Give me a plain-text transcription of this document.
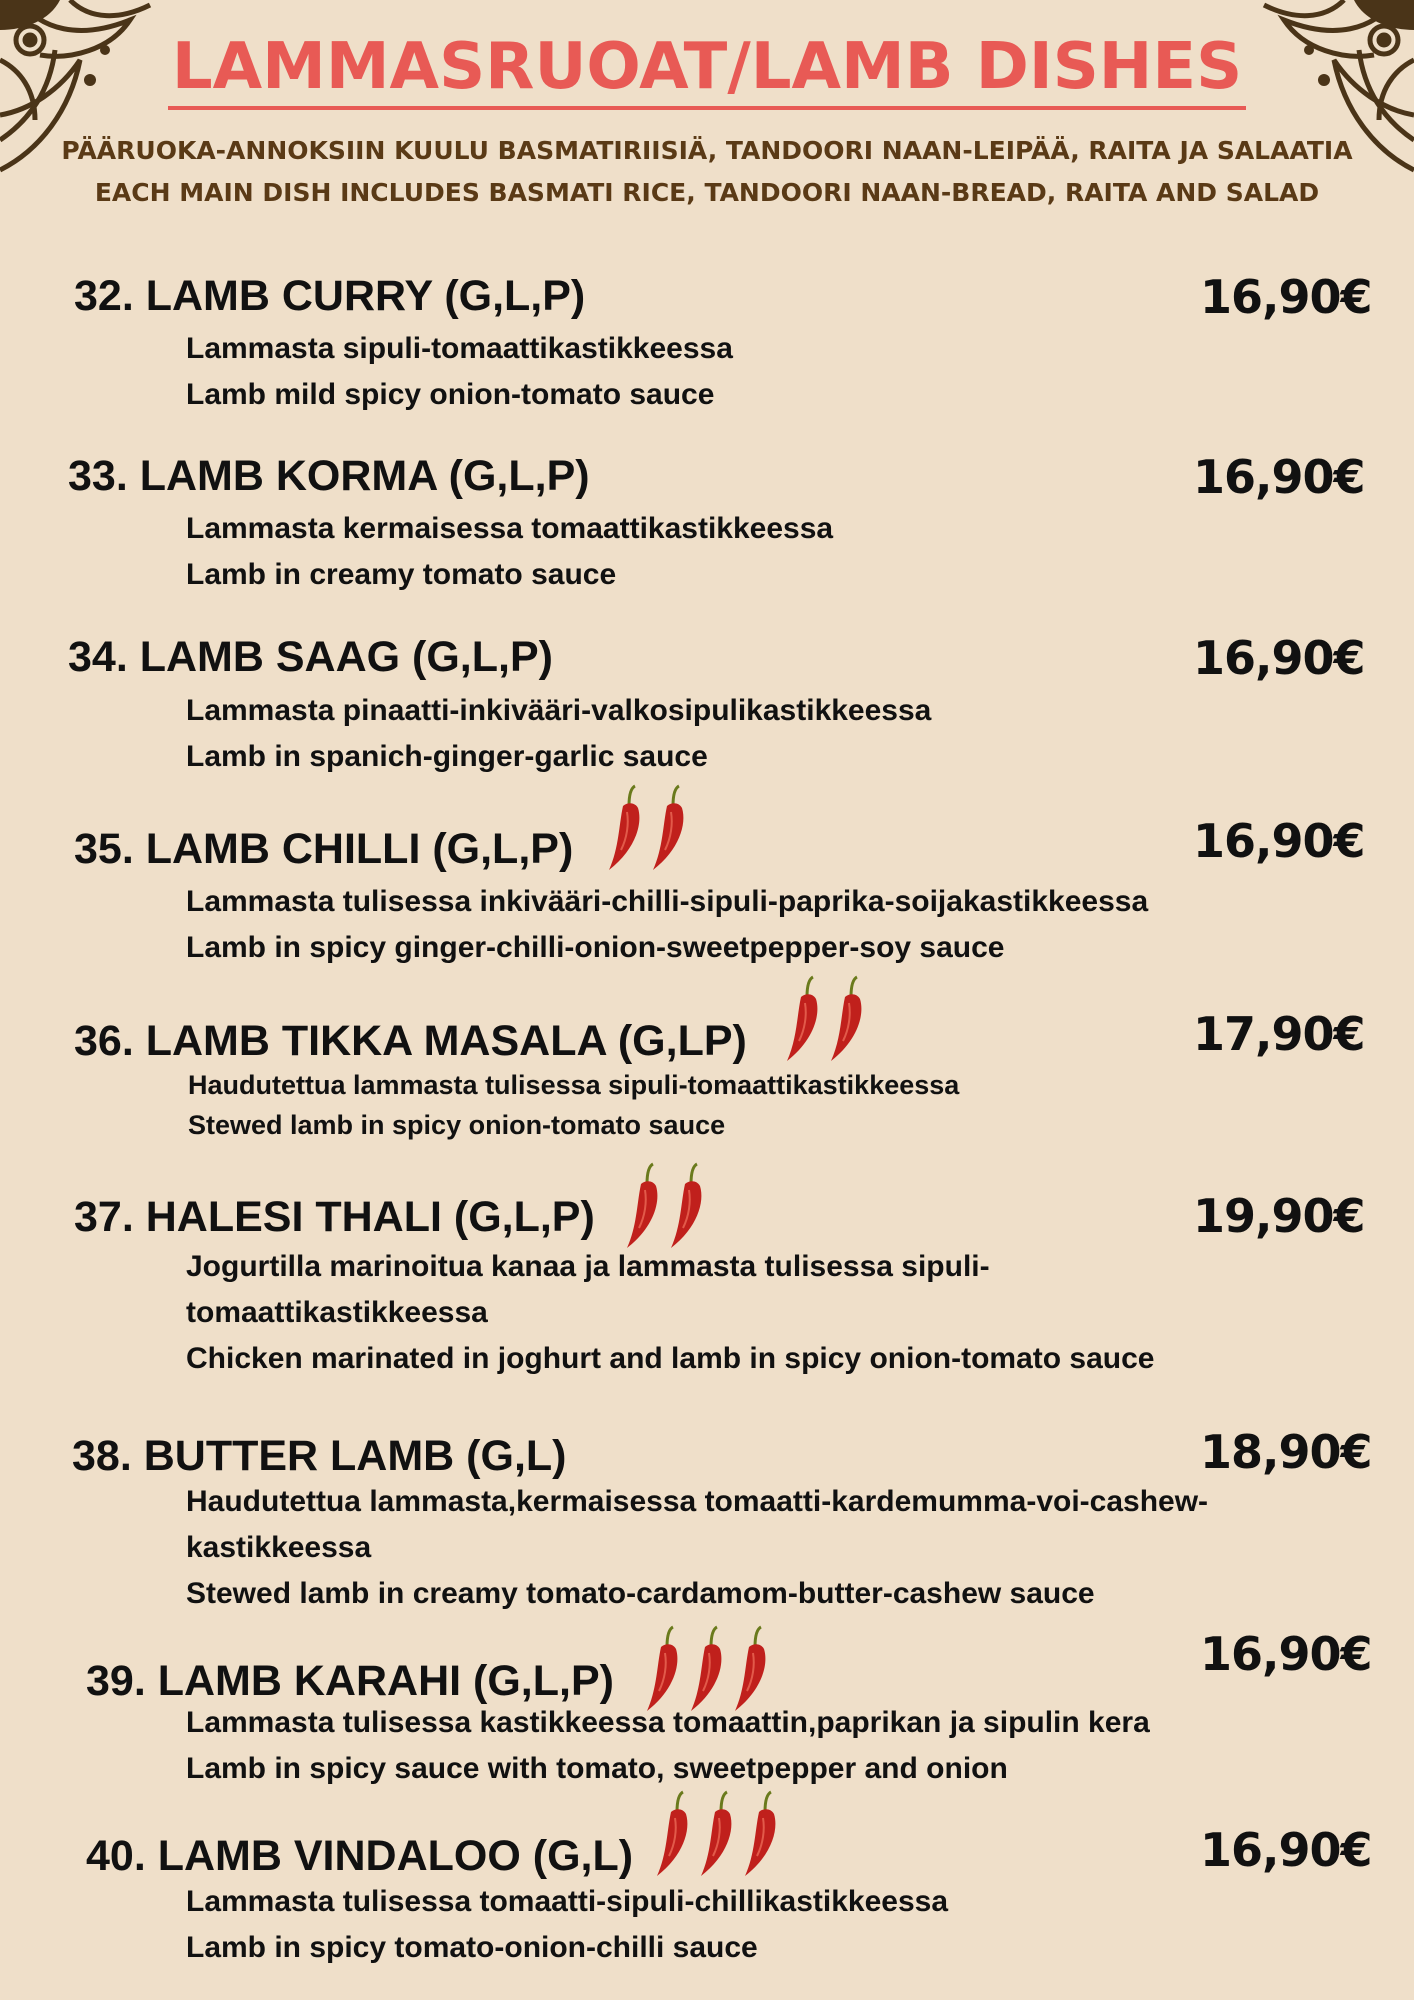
LAMMASRUOAT/LAMB DISHES
PÄÄRUOKA-ANNOKSIIN KUULU BASMATIRIISIÄ, TANDOORI NAAN-LEIPÄÄ, RAITA JA SALAATIA
EACH MAIN DISH INCLUDES BASMATI RICE, TANDOORI NAAN-BREAD, RAITA AND SALAD
32. LAMB CURRY (G,L,P)	16,90€

Lammasta sipuli-tomaattikastikkeessa

Lamb mild spicy onion-tomato sauce

33. LAMB KORMA (G,L,P)	16,90€

Lammasta kermaisessa tomaattikastikkeessa

Lamb in creamy tomato sauce

34. LAMB SAAG (G,L,P)	16,90€

Lammasta pinaatti-inkivääri-valkosipulikastikkeessa

Lamb in spanich-ginger-garlic sauce

35. LAMB CHILLI (G,L,P)	16,90€

Lammasta tulisessa inkivääri-chilli-sipuli-paprika-soijakastikkeessa

Lamb in spicy ginger-chilli-onion-sweetpepper-soy sauce

36. LAMB TIKKA MASALA (G,LP)	17,90€

Haudutettua lammasta tulisessa sipuli-tomaattikastikkeessa

Stewed lamb in spicy onion-tomato sauce

37. HALESI THALI (G,L,P)	19,90€

Jogurtilla marinoitua kanaa ja lammasta tulisessa sipuli-

tomaattikastikkeessa

Chicken marinated in joghurt and lamb in spicy onion-tomato sauce

38. BUTTER LAMB (G,L)	18,90€

Haudutettua lammasta,kermaisessa tomaatti-kardemumma-voi-cashew-

kastikkeessa

Stewed lamb in creamy tomato-cardamom-butter-cashew sauce

39. LAMB KARAHI (G,L,P)	16,90€

Lammasta tulisessa kastikkeessa tomaattin,paprikan ja sipulin kera

Lamb in spicy sauce with tomato, sweetpepper and onion

40. LAMB VINDALOO (G,L)	16,90€

Lammasta tulisessa tomaatti-sipuli-chillikastikkeessa

Lamb in spicy tomato-onion-chilli sauce
